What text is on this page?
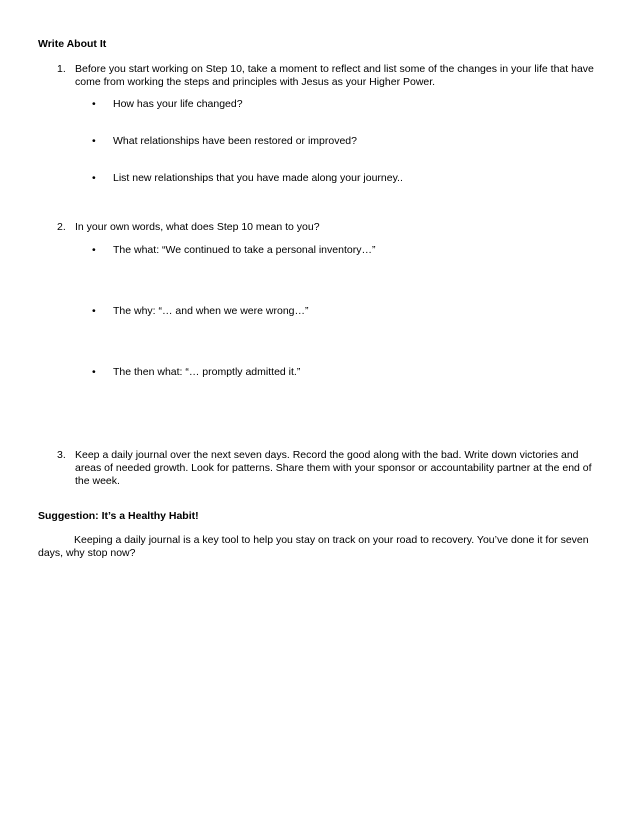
Write About It
1. Before you start working on Step 10, take a moment to reflect and list some of the changes in your life that have come from working the steps and principles with Jesus as your Higher Power.
•	How has your life changed?
•	What relationships have been restored or improved?
•	List new relationships that you have made along your journey..
2. In your own words, what does Step 10 mean to you?
•	The what: “We continued to take a personal inventory…”
•	The why: “… and when we were wrong…”
•	The then what: “… promptly admitted it.”
3. Keep a daily journal over the next seven days. Record the good along with the bad. Write down victories and areas of needed growth. Look for patterns. Share them with your sponsor or accountability partner at the end of the week.
Suggestion: It’s a Healthy Habit!
Keeping a daily journal is a key tool to help you stay on track on your road to recovery. You’ve done it for seven days, why stop now?
